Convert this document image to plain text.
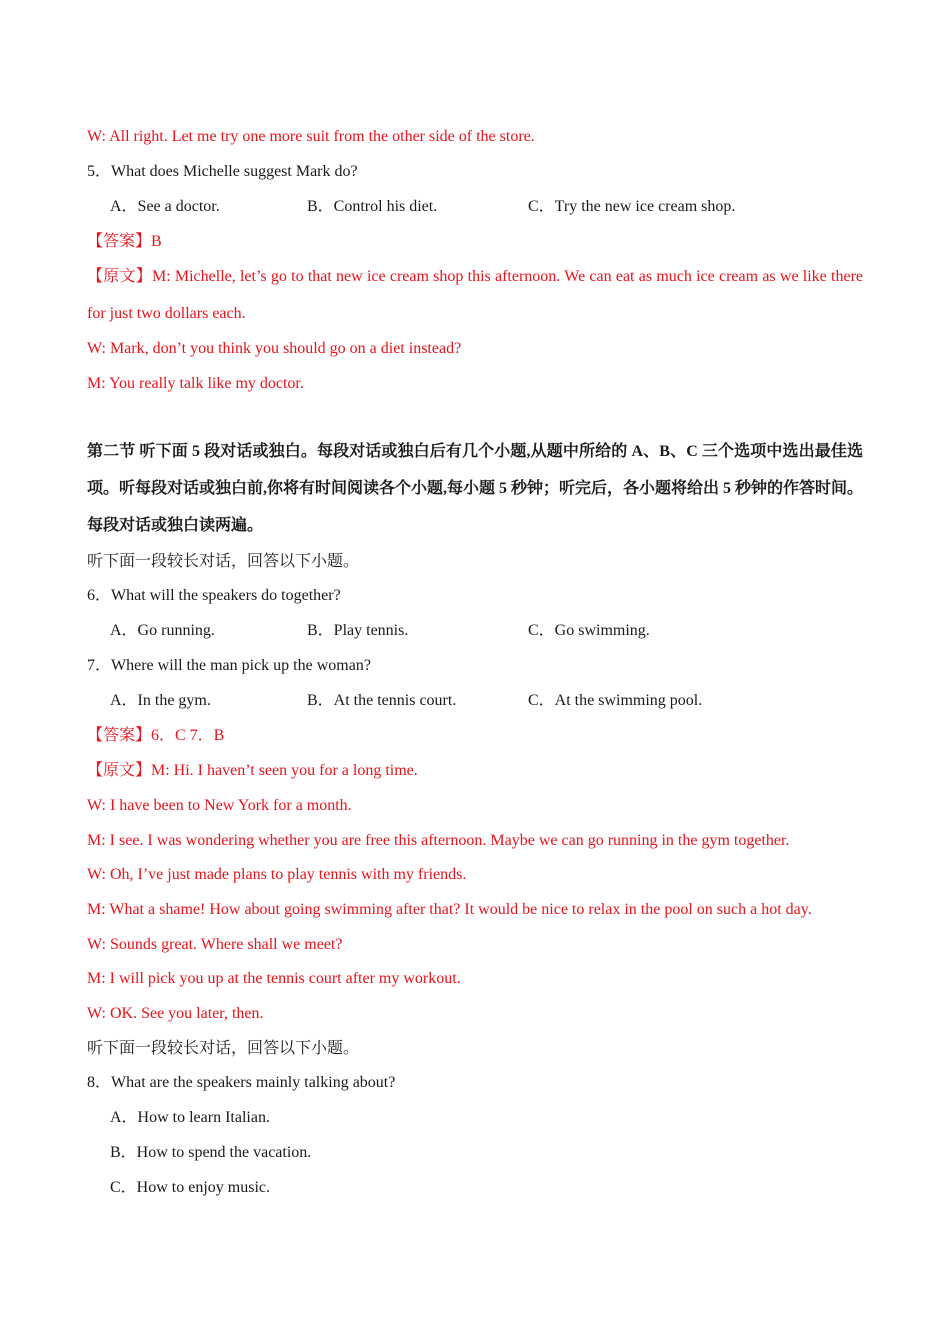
W: All right. Let me try one more suit from the other side of the store.
5．What does Michelle suggest Mark do?
A．See a doctor.	B．Control his diet.	C．Try the new ice cream shop.
【答案】B
【原文】M: Michelle, let’s go to that new ice cream shop this afternoon. We can eat as much ice cream as we like there for just two dollars each.
W: Mark, don’t you think you should go on a diet instead?
M: You really talk like my doctor.
第二节 听下面 5 段对话或独白。每段对话或独白后有几个小题,从题中所给的 A、B、C 三个选项中选出最佳选项。听每段对话或独白前,你将有时间阅读各个小题,每小题 5 秒钟；听完后，各小题将给出 5 秒钟的作答时间。每段对话或独白读两遍。
听下面一段较长对话，回答以下小题。
6．What will the speakers do together?
A．Go running.	B．Play tennis.	C．Go swimming.
7．Where will the man pick up the woman?
A．In the gym.	B．At the tennis court.	C．At the swimming pool.
【答案】6．C 7．B
【原文】M: Hi. I haven’t seen you for a long time.
W: I have been to New York for a month.
M: I see. I was wondering whether you are free this afternoon. Maybe we can go running in the gym together.
W: Oh, I’ve just made plans to play tennis with my friends.
M: What a shame! How about going swimming after that? It would be nice to relax in the pool on such a hot day.
W: Sounds great. Where shall we meet?
M: I will pick you up at the tennis court after my workout.
W: OK. See you later, then.
听下面一段较长对话，回答以下小题。
8．What are the speakers mainly talking about?
A．How to learn Italian.
B．How to spend the vacation.
C．How to enjoy music.
